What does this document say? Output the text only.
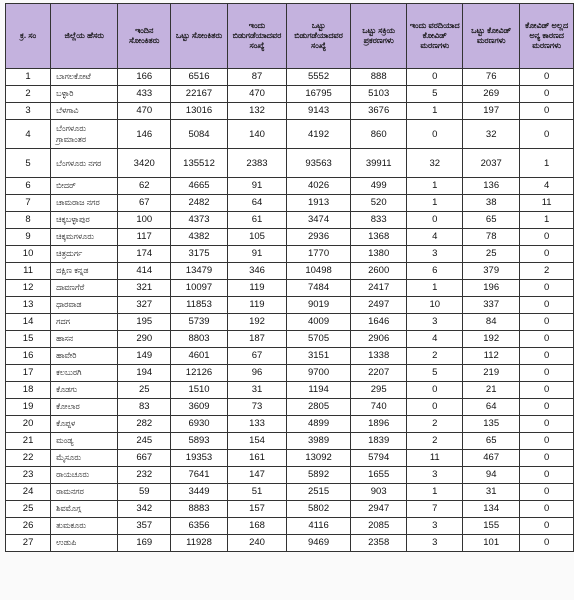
ಕ್ರ. ಸಂ	ಜಿಲ್ಲೆಯ ಹೆಸರು	ಇಂದಿನ ಸೋಂಕಿತರು	ಒಟ್ಟು ಸೋಂಕಿತರು	ಇಂದು ಬಿಡುಗಡೆಯಾದವರ ಸಂಖ್ಯೆ	ಒಟ್ಟು ಬಿಡುಗಡೆಯಾದವರ ಸಂಖ್ಯೆ	ಒಟ್ಟು ಸಕ್ರಿಯ ಪ್ರಕರಣಗಳು	ಇಂದು ವರದಿಯಾದ ಕೋವಿಡ್ ಮರಣಗಳು	ಒಟ್ಟು ಕೋವಿಡ್ ಮರಣಗಳು	ಕೋವಿಡ್ ಅಲ್ಲದ ಅನ್ಯ ಕಾರಣದ ಮರಣಗಳು
1	ಬಾಗಲಕೋಟೆ	166	6516	87	5552	888	0	76	0
2	ಬಳ್ಳಾರಿ	433	22167	470	16795	5103	5	269	0
3	ಬೆಳಗಾವಿ	470	13016	132	9143	3676	1	197	0
4	ಬೆಂಗಳೂರು ಗ್ರಾಮಾಂತರ	146	5084	140	4192	860	0	32	0
5	ಬೆಂಗಳೂರು ನಗರ	3420	135512	2383	93563	39911	32	2037	1
6	ಬೀದರ್	62	4665	91	4026	499	1	136	4
7	ಚಾಮರಾಜ ನಗರ	67	2482	64	1913	520	1	38	11
8	ಚಿಕ್ಕಬಳ್ಳಾಪುರ	100	4373	61	3474	833	0	65	1
9	ಚಿಕ್ಕಮಗಳೂರು	117	4382	105	2936	1368	4	78	0
10	ಚಿತ್ರದುರ್ಗ	174	3175	91	1770	1380	3	25	0
11	ದಕ್ಷಿಣ ಕನ್ನಡ	414	13479	346	10498	2600	6	379	2
12	ದಾವಣಗೆರೆ	321	10097	119	7484	2417	1	196	0
13	ಧಾರವಾಡ	327	11853	119	9019	2497	10	337	0
14	ಗದಗ	195	5739	192	4009	1646	3	84	0
15	ಹಾಸನ	290	8803	187	5705	2906	4	192	0
16	ಹಾವೇರಿ	149	4601	67	3151	1338	2	112	0
17	ಕಲಬುರಗಿ	194	12126	96	9700	2207	5	219	0
18	ಕೊಡಗು	25	1510	31	1194	295	0	21	0
19	ಕೋಲಾರ	83	3609	73	2805	740	0	64	0
20	ಕೊಪ್ಪಳ	282	6930	133	4899	1896	2	135	0
21	ಮಂಡ್ಯ	245	5893	154	3989	1839	2	65	0
22	ಮೈಸೂರು	667	19353	161	13092	5794	11	467	0
23	ರಾಯಚೂರು	232	7641	147	5892	1655	3	94	0
24	ರಾಮನಗರ	59	3449	51	2515	903	1	31	0
25	ಶಿವಮೊಗ್ಗ	342	8883	157	5802	2947	7	134	0
26	ತುಮಕೂರು	357	6356	168	4116	2085	3	155	0
27	ಉಡುಪಿ	169	11928	240	9469	2358	3	101	0
